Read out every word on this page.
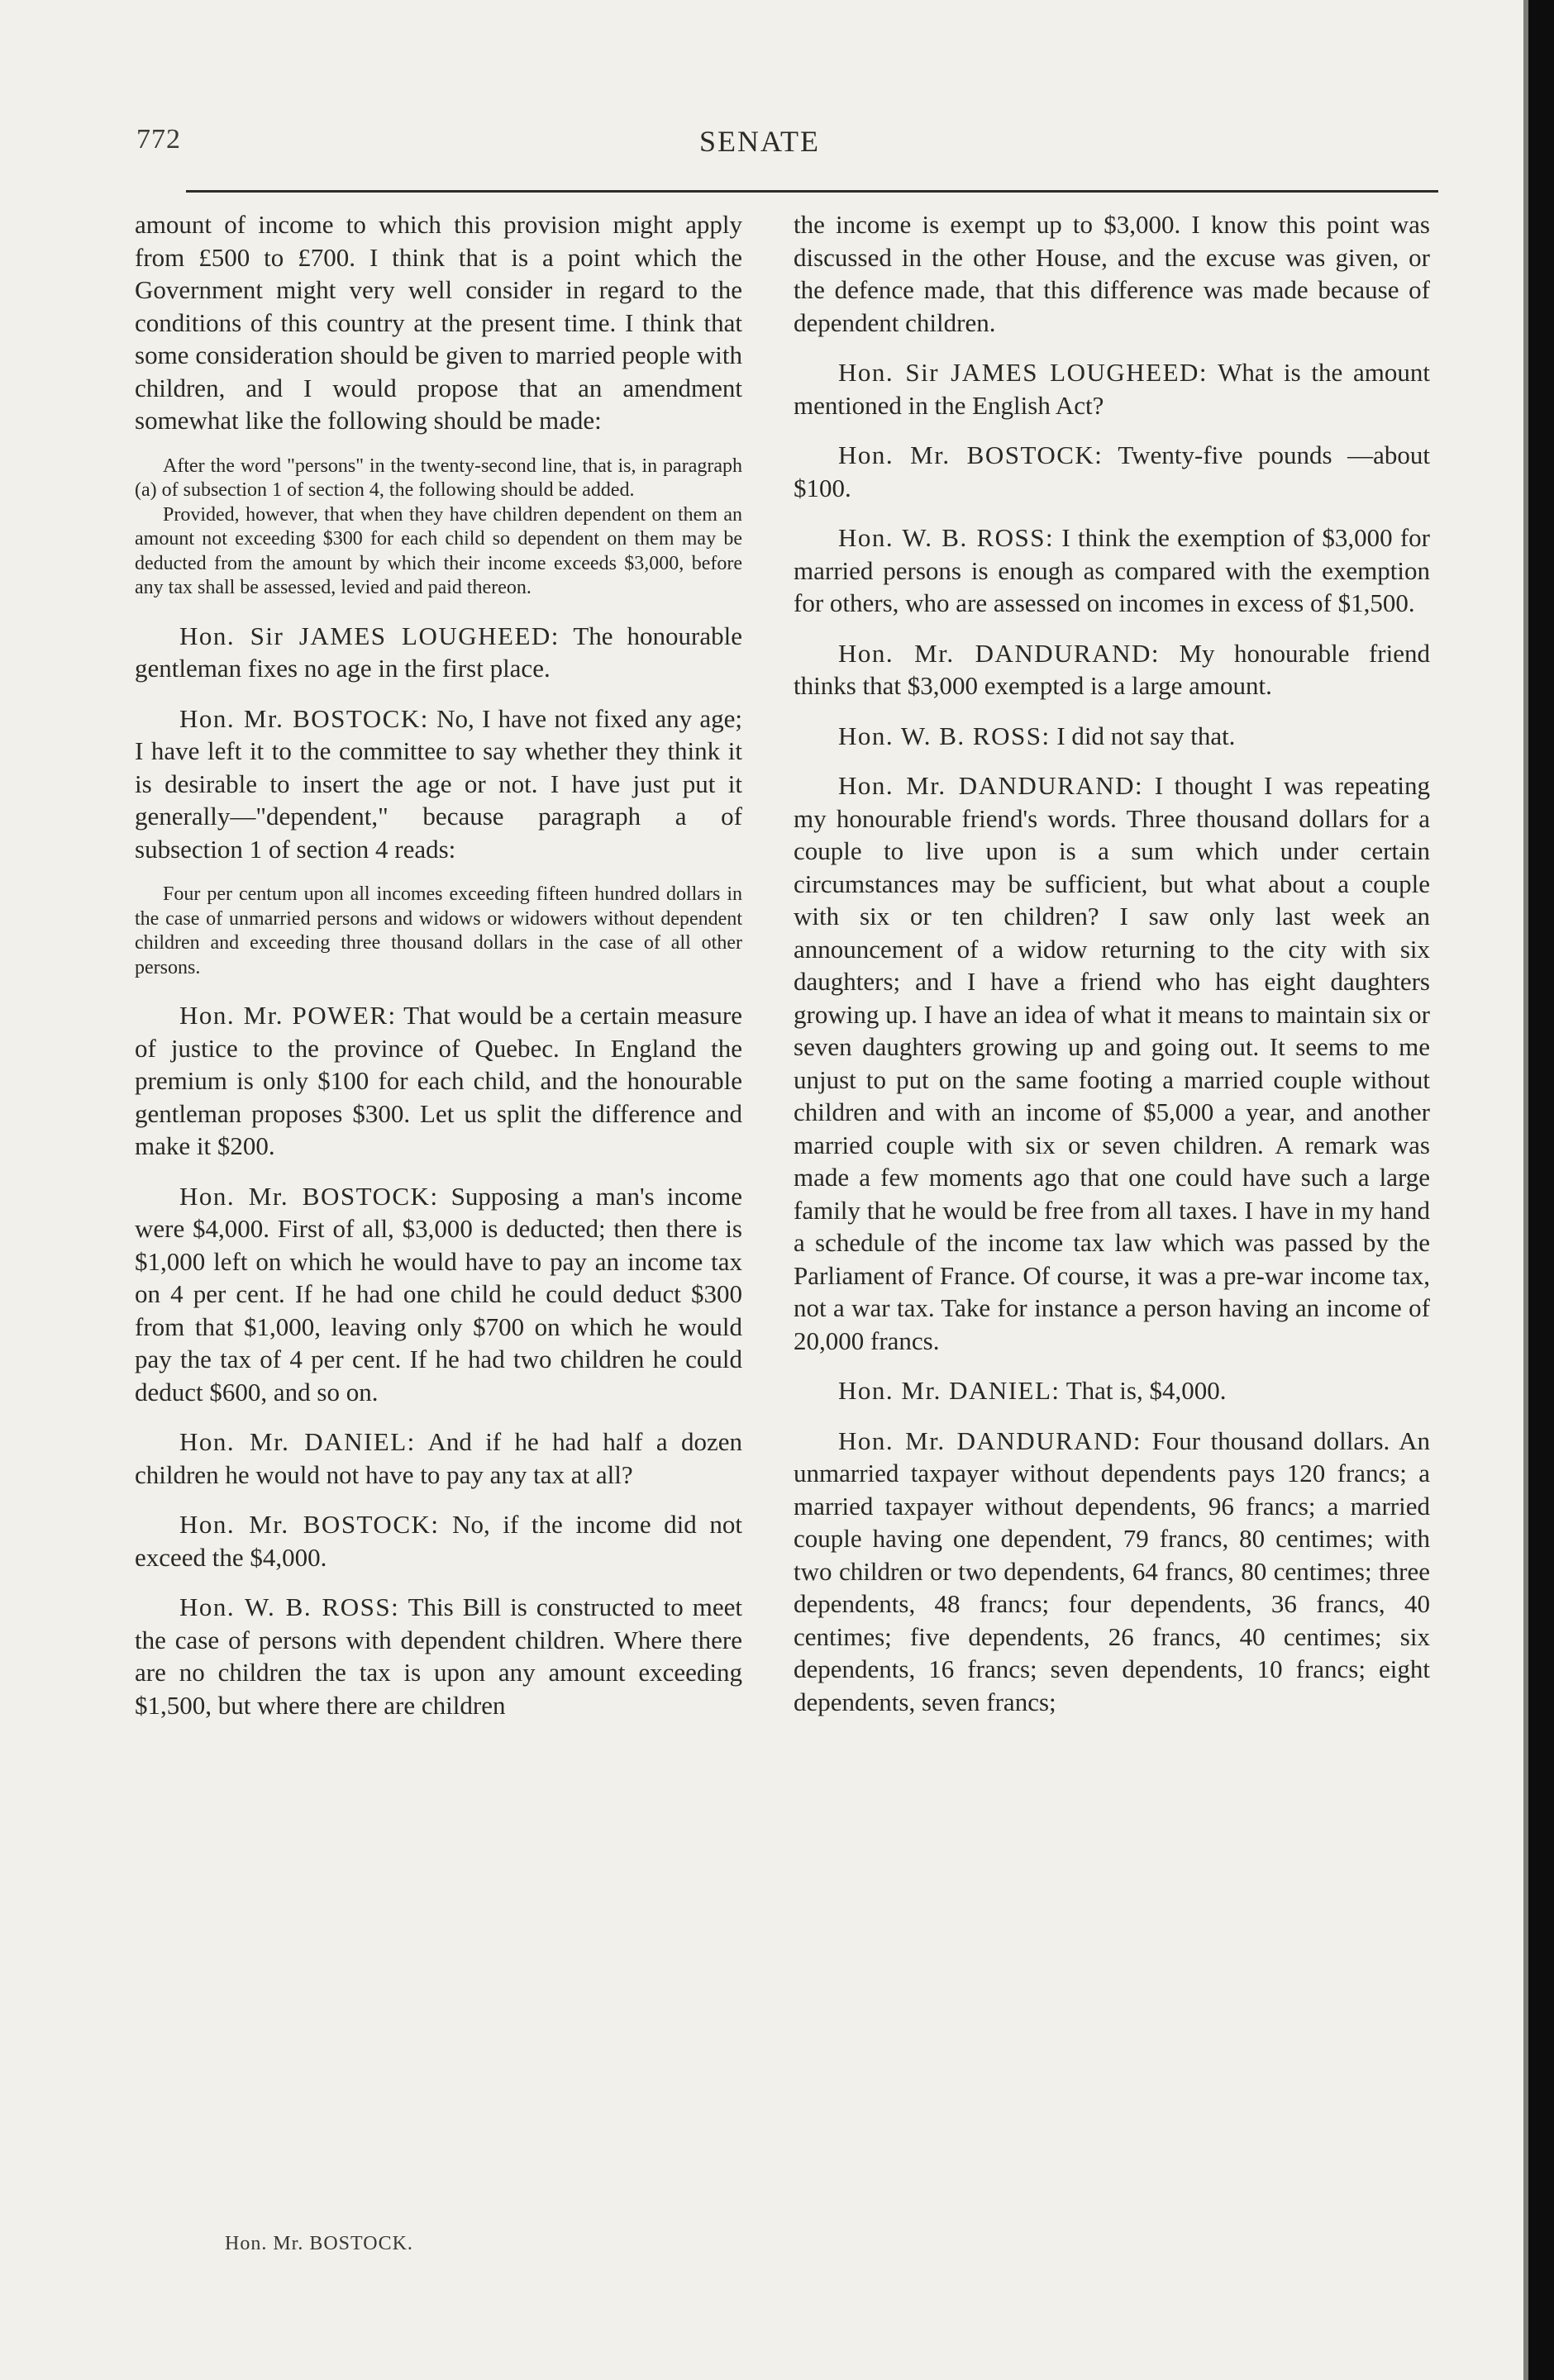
772	SENATE

amount of income to which this provision might apply from £500 to £700. I think that is a point which the Government might very well consider in regard to the conditions of this country at the present time. I think that some consideration should be given to married people with children, and I would propose that an amendment somewhat like the following should be made:

After the word "persons" in the twenty-second line, that is, in paragraph (a) of subsection 1 of section 4, the following should be added.
Provided, however, that when they have children dependent on them an amount not exceeding $300 for each child so dependent on them may be deducted from the amount by which their income exceeds $3,000, before any tax shall be assessed, levied and paid thereon.

Hon. Sir JAMES LOUGHEED: The honourable gentleman fixes no age in the first place.

Hon. Mr. BOSTOCK: No, I have not fixed any age; I have left it to the committee to say whether they think it is desirable to insert the age or not. I have just put it generally—"dependent," because paragraph a of subsection 1 of section 4 reads:

Four per centum upon all incomes exceeding fifteen hundred dollars in the case of unmarried persons and widows or widowers without dependent children and exceeding three thousand dollars in the case of all other persons.

Hon. Mr. POWER: That would be a certain measure of justice to the province of Quebec. In England the premium is only $100 for each child, and the honourable gentleman proposes $300. Let us split the difference and make it $200.

Hon. Mr. BOSTOCK: Supposing a man's income were $4,000. First of all, $3,000 is deducted; then there is $1,000 left on which he would have to pay an income tax on 4 per cent. If he had one child he could deduct $300 from that $1,000, leaving only $700 on which he would pay the tax of 4 per cent. If he had two children he could deduct $600, and so on.

Hon. Mr. DANIEL: And if he had half a dozen children he would not have to pay any tax at all?

Hon. Mr. BOSTOCK: No, if the income did not exceed the $4,000.

Hon. W. B. ROSS: This Bill is constructed to meet the case of persons with dependent children. Where there are no children the tax is upon any amount exceeding $1,500, but where there are children

the income is exempt up to $3,000. I know this point was discussed in the other House, and the excuse was given, or the defence made, that this difference was made because of dependent children.

Hon. Sir JAMES LOUGHEED: What is the amount mentioned in the English Act?

Hon. Mr. BOSTOCK: Twenty-five pounds —about $100.

Hon. W. B. ROSS: I think the exemption of $3,000 for married persons is enough as compared with the exemption for others, who are assessed on incomes in excess of $1,500.

Hon. Mr. DANDURAND: My honourable friend thinks that $3,000 exempted is a large amount.

Hon. W. B. ROSS: I did not say that.

Hon. Mr. DANDURAND: I thought I was repeating my honourable friend's words. Three thousand dollars for a couple to live upon is a sum which under certain circumstances may be sufficient, but what about a couple with six or ten children? I saw only last week an announcement of a widow returning to the city with six daughters; and I have a friend who has eight daughters growing up. I have an idea of what it means to maintain six or seven daughters growing up and going out. It seems to me unjust to put on the same footing a married couple without children and with an income of $5,000 a year, and another married couple with six or seven children. A remark was made a few moments ago that one could have such a large family that he would be free from all taxes. I have in my hand a schedule of the income tax law which was passed by the Parliament of France. Of course, it was a pre-war income tax, not a war tax. Take for instance a person having an income of 20,000 francs.

Hon. Mr. DANIEL: That is, $4,000.

Hon. Mr. DANDURAND: Four thousand dollars. An unmarried taxpayer without dependents pays 120 francs; a married taxpayer without dependents, 96 francs; a married couple having one dependent, 79 francs, 80 centimes; with two children or two dependents, 64 francs, 80 centimes; three dependents, 48 francs; four dependents, 36 francs, 40 centimes; five dependents, 26 francs, 40 centimes; six dependents, 16 francs; seven dependents, 10 francs; eight dependents, seven francs;

Hon. Mr. BOSTOCK.
